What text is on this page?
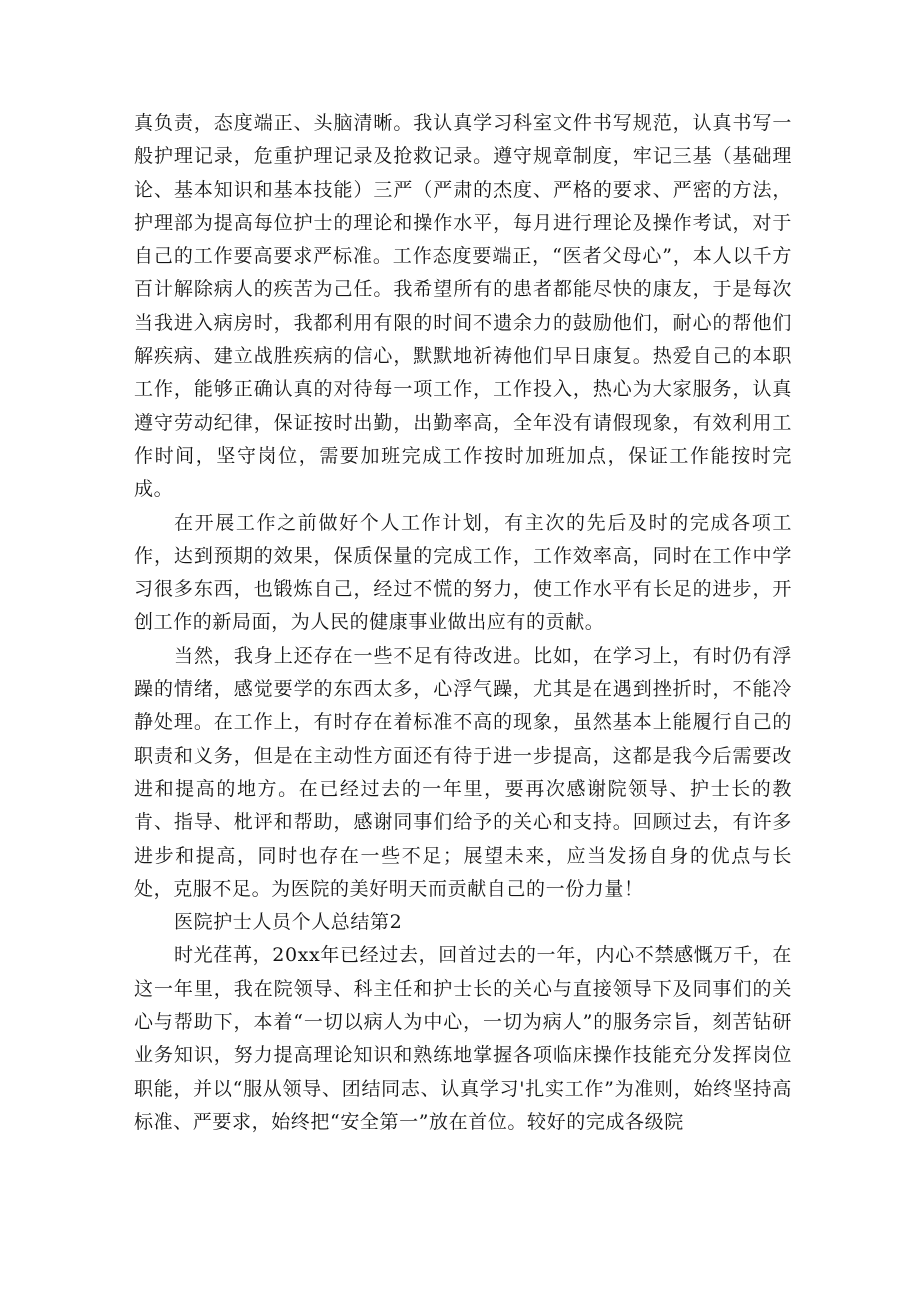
真负责，态度端正、头脑清晰。我认真学习科室文件书写规范，认真书写一般护理记录，危重护理记录及抢救记录。遵守规章制度，牢记三基（基础理论、基本知识和基本技能）三严（严肃的杰度、严格的要求、严密的方法，护理部为提高每位护士的理论和操作水平，每月进行理论及操作考试，对于自己的工作要高要求严标准。工作态度要端正，“医者父母心”，本人以千方百计解除病人的疾苦为己任。我希望所有的患者都能尽快的康友，于是每次当我进入病房时，我都利用有限的时间不遗余力的鼓励他们，耐心的帮他们解疾病、建立战胜疾病的信心，默默地祈祷他们早日康复。热爱自己的本职工作，能够正确认真的对待每一项工作，工作投入，热心为大家服务，认真遵守劳动纪律，保证按时出勤，出勤率高，全年没有请假现象，有效利用工作时间，坚守岗位，需要加班完成工作按时加班加点，保证工作能按时完成。

在开展工作之前做好个人工作计划，有主次的先后及时的完成各项工作，达到预期的效果，保质保量的完成工作，工作效率高，同时在工作中学习很多东西，也锻炼自己，经过不慌的努力，使工作水平有长足的进步，开创工作的新局面，为人民的健康事业做出应有的贡献。

当然，我身上还存在一些不足有待改进。比如，在学习上，有时仍有浮躁的情绪，感觉要学的东西太多，心浮气躁，尤其是在遇到挫折时，不能冷静处理。在工作上，有时存在着标准不高的现象，虽然基本上能履行自己的职责和义务，但是在主动性方面还有待于进一步提高，这都是我今后需要改进和提高的地方。在已经过去的一年里，要再次感谢院领导、护士长的教肯、指导、枇评和帮助，感谢同事们给予的关心和支持。回顾过去，有许多进步和提高，同时也存在一些不足；展望未来，应当发扬自身的优点与长处，克服不足。为医院的美好明天而贡献自己的一份力量！

医院护士人员个人总结第2

时光荏苒，20xx年已经过去，回首过去的一年，内心不禁感慨万千，在这一年里，我在院领导、科主任和护士长的关心与直接领导下及同事们的关心与帮助下，本着“一切以病人为中心，一切为病人”的服务宗旨，刻苦钻研业务知识，努力提高理论知识和熟练地掌握各项临床操作技能充分发挥岗位职能，并以“服从领导、团结同志、认真学习'扎实工作”为准则，始终坚持高标准、严要求，始终把“安全第一”放在首位。较好的完成各级院
